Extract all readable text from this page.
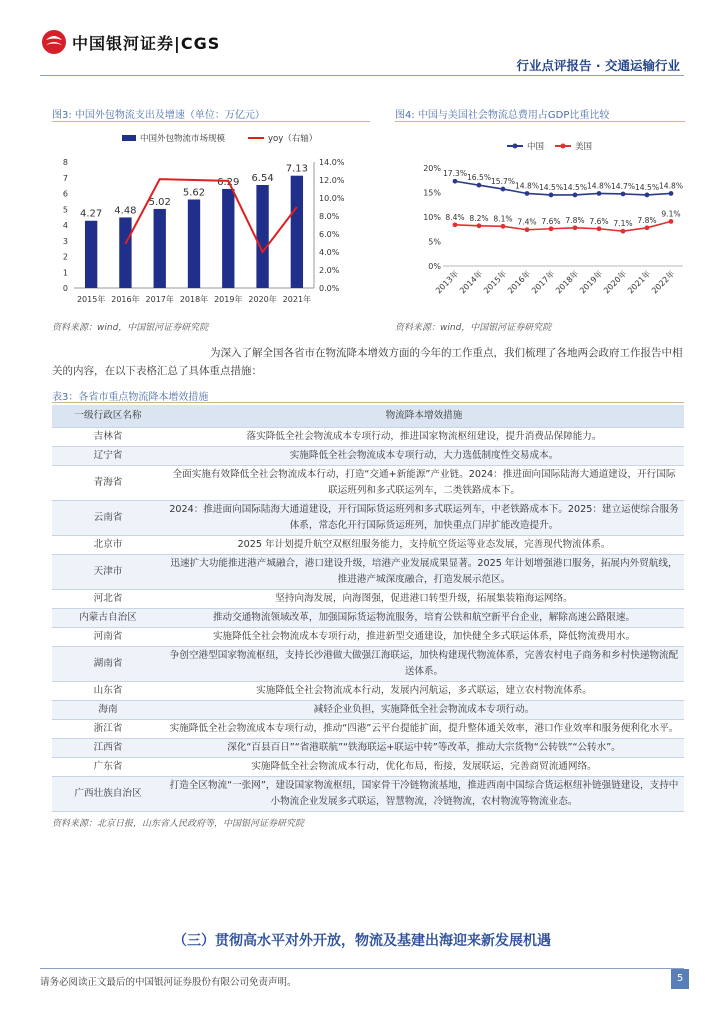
中国银河证券|CGS
行业点评报告 · 交通运输行业
图3: 中国外包物流支出及增速（单位：万亿元）
中国外包物流市场规模	yoy（右轴）
0
1
2
3
4
5
6
7
8
0.0%
2.0%
4.0%
6.0%
8.0%
10.0%
12.0%
14.0%
2015年 2016年 2017年 2018年 2019年 2020年 2021年
4.27 4.48
5.02
5.62
6.29 6.54
7.13
资料来源：wind，中国银河证券研究院
图4: 中国与美国社会物流总费用占GDP比重比较
中国	美国
0%
5%
10%
15%
20%
2013年
2014年
2015年
2016年
2017年
2018年
2019年
2020年
2021年
2022年
17.3% 16.5% 15.7% 14.8% 14.5% 14.5% 14.8% 14.7% 14.5% 14.8%
8.4% 8.2% 8.1% 7.4% 7.6% 7.8% 7.6% 7.1% 7.8%
9.1%
资料来源：wind，中国银河证券研究院
为深入了解全国各省市在物流降本增效方面的今年的工作重点，我们梳理了各地两会政府工作报告中相关的内容，在以下表格汇总了具体重点措施：
表3：各省市重点物流降本增效措施
一级行政区名称	物流降本增效措施
吉林省	落实降低全社会物流成本专项行动，推进国家物流枢纽建设，提升消费品保障能力。
辽宁省	实施降低全社会物流成本专项行动，大力选低制度性交易成本。
青海省	全面实施有效降低全社会物流成本行动，打造“交通+新能源”产业链。2024：推进面向国际陆海大通道建设，开行国际联运班列和多式联运列车，二类铁路成本下。
云南省	2024：推进面向国际陆海大通道建设，开行国际货运班列和多式联运列车，中老铁路成本下。2025：建立运使综合服务体系，常态化开行国际货运班列，加快重点门岸扩能改造提升。
北京市	2025 年计划提升航空双枢纽服务能力，支持航空货运等业态发展，完善现代物流体系。
天津市	迅速扩大功能推进港产城融合，港口建设升级，培港产业发展成果显著。2025 年计划增强港口服务，拓展内外贸航线，推进港产城深度融合，打造发展示范区。
河北省	坚持向海发展，向海图强，促进港口转型升级，拓展集装箱海运网络。
内蒙古自治区	推动交通物流领域改革，加强国际货运物流服务，培育公铁和航空新平台企业，解除高速公路限速。
河南省	实施降低全社会物流成本专项行动，推进新型交通建设，加快健全多式联运体系，降低物流费用水。
湖南省	争创空港型国家物流枢纽，支持长沙港做大做强江海联运，加快构建现代物流体系，完善农村电子商务和乡村快递物流配送体系。
山东省	实施降低全社会物流成本行动，发展内河航运，多式联运，建立农村物流体系。
海南	减轻企业负担，实施降低全社会物流成本专项行动。
浙江省	实施降低全社会物流成本专项行动，推动“四港”云平台提能扩面，提升整体通关效率，港口作业效率和服务便利化水平。
江西省	深化“百县百日”“省港联航”“铁海联运+联运中转”等改革，推动大宗货物“公转铁”“公转水”。
广东省	实施降低全社会物流成本行动，优化布局，衔接，发展联运，完善商贸流通网络。
广西壮族自治区	打造全区物流“一张网”，建设国家物流枢纽，国家骨干冷链物流基地，推进西南中国综合货运枢纽补链强链建设，支持中小物流企业发展多式联运，智慧物流，冷链物流，农村物流等物流业态。
资料来源：北京日报，山东省人民政府等，中国银河证券研究院
（三）贯彻高水平对外开放，物流及基建出海迎来新发展机遇
请务必阅读正文最后的中国银河证券股份有限公司免责声明。	5
